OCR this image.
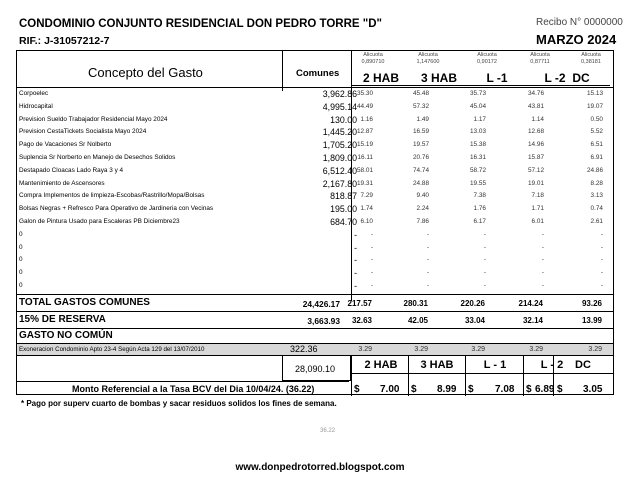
CONDOMINIO CONJUNTO RESIDENCIAL DON PEDRO TORRE "D"
RIF.: J-31057212-7
Recibo N° 0000000
MARZO 2024
Concepto del Gasto	Comunes
Alicuota
0,890710
Alicuota
1,147600
Alicuota
0,90172
Alicuota
0,87711
Alicuota
0,38181
2 HAB	3 HAB	L -1	L -2 DC
Corpoelec	3,962.86 35.30	45.48	35.73	34.76	15.13
Hidrocapital	4,995.14 44.49	57.32	45.04	43.81	19.07
Prevision Sueldo Trabajador Residencial Mayo 2024	130.00 1.16	1.49	1.17	1.14	0.50
Prevision CestaTickets Socialista Mayo 2024	1,445.20 12.87	16.59	13.03	12.68	5.52
Pago de Vacaciones Sr Nolberto	1,705.20 15.19	19.57	15.38	14.96	6.51
Suplencia Sr Norberto en Manejo de Desechos Solidos	1,809.00 16.11	20.76	16.31	15.87	6.91
Destapado Cloacas Lado Raya 3 y 4	6,512.40 58.01	74.74	58.72	57.12	24.86
Mantenimiento de Ascensores	2,167.80 19.31	24.88	19.55	19.01	8.28
Compra Implementos de limpieza-Escobas/Rastrillo/Mopa/Bolsas	818.87 7.29	9.40	7.38	7.18	3.13
Bolsas Negras + Refresco Para Operativo de Jardineria con Vecinas	195.00 1.74	2.24	1.76	1.71	0.74
Galon de Pintura Usado para Escaleras PB Diciembre23	684.70 6.10	7.86	6.17	6.01	2.61
0	-	-	-	-	-	-
0	-	-	-	-	-	-
0	-	-	-	-	-	-
0	-	-	-	-	-	-
0	-	-	-	-	-	-
TOTAL GASTOS COMUNES	24,426.17 217.57	280.31	220.26	214.24	93.26
15% DE RESERVA	3,663.93	32.63	42.05	33.04	32.14	13.99
GASTO NO COMÚN
Exoneracion Condominio Apto 23-4 Según Acta 129 del 13/07/2010	322.36	3.29	3.29	3.29	3.29	3.29
28,090.10	2 HAB	3 HAB	L - 1	L - 2	DC
Monto Referencial a la Tasa BCV del Dia 10/04/24. (36.22)	$ 7.00 $ 8.99 $ 7.08 $ 6.89 $ 3.05
* Pago por superv cuarto de bombas y sacar residuos solidos los fines de semana.
36.22
www.donpedrotorred.blogspot.com
